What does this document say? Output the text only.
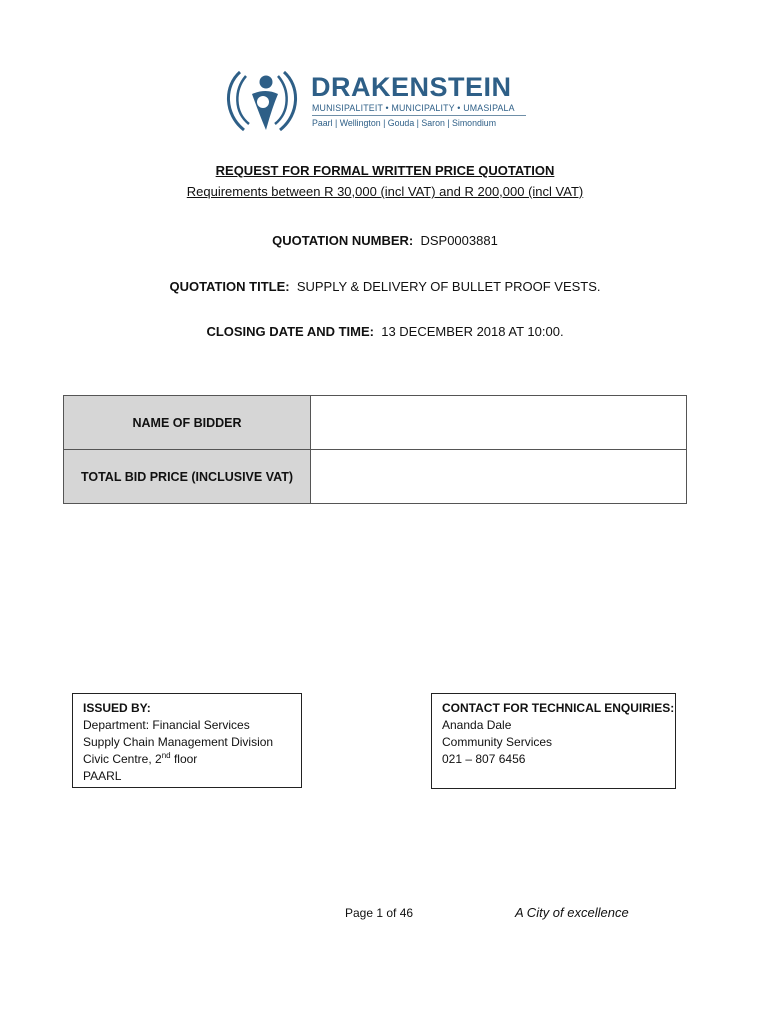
DRAKENSTEIN
MUNISIPALITEIT • MUNICIPALITY • UMASIPALA
Paarl | Wellington | Gouda | Saron | Simondium
REQUEST FOR FORMAL WRITTEN PRICE QUOTATION
Requirements between R 30,000 (incl VAT) and R 200,000 (incl VAT)
QUOTATION NUMBER: DSP0003881
QUOTATION TITLE: SUPPLY & DELIVERY OF BULLET PROOF VESTS.
CLOSING DATE AND TIME: 13 DECEMBER 2018 AT 10:00.
NAME OF BIDDER	
TOTAL BID PRICE (INCLUSIVE VAT)	
ISSUED BY:
Department: Financial Services
Supply Chain Management Division
Civic Centre, 2nd floor
PAARL
CONTACT FOR TECHNICAL ENQUIRIES:
Ananda Dale
Community Services
021 – 807 6456
Page 1 of 46	A City of excellence
